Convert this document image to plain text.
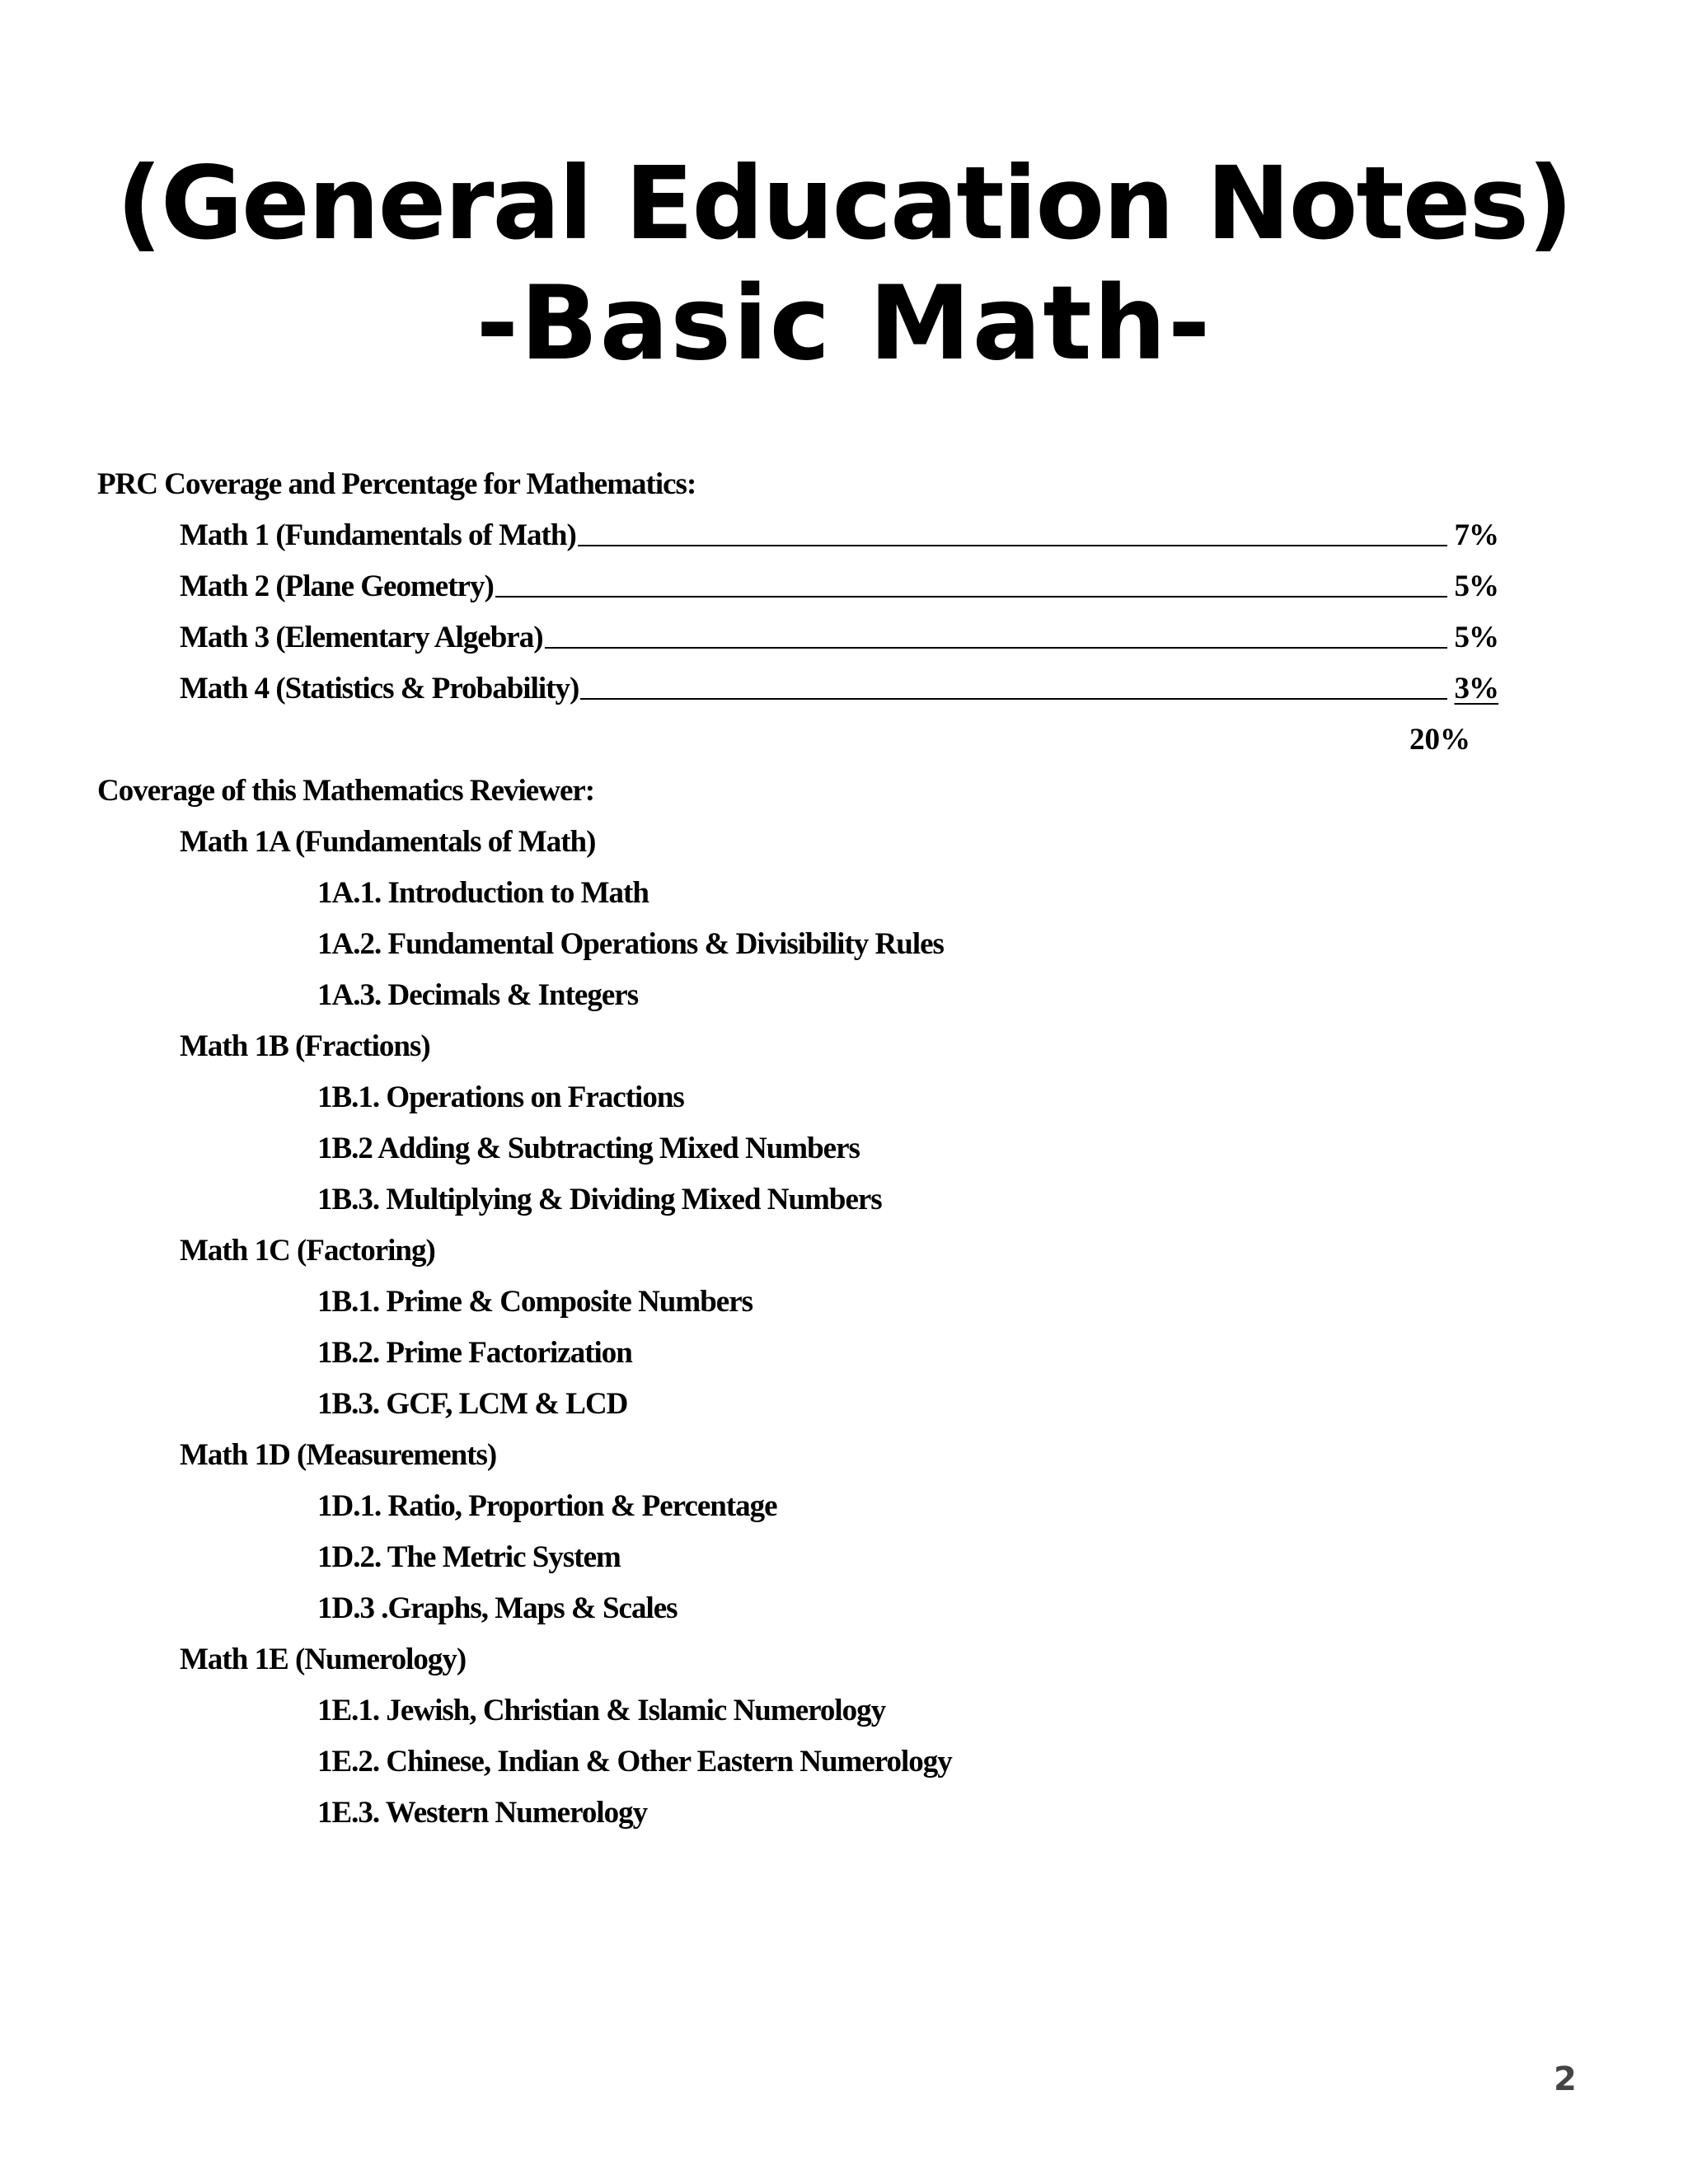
(General Education Notes)
-Basic Math-
PRC Coverage and Percentage for Mathematics:
Math 1 (Fundamentals of Math)	7%
Math 2 (Plane Geometry)	5%
Math 3 (Elementary Algebra)	5%
Math 4 (Statistics & Probability)	3%
20%
Coverage of this Mathematics Reviewer:
Math 1A (Fundamentals of Math)
1A.1. Introduction to Math
1A.2. Fundamental Operations & Divisibility Rules
1A.3. Decimals & Integers
Math 1B (Fractions)
1B.1. Operations on Fractions
1B.2 Adding & Subtracting Mixed Numbers
1B.3. Multiplying & Dividing Mixed Numbers
Math 1C (Factoring)
1B.1. Prime & Composite Numbers
1B.2. Prime Factorization
1B.3. GCF, LCM & LCD
Math 1D (Measurements)
1D.1. Ratio, Proportion & Percentage
1D.2. The Metric System
1D.3 .Graphs, Maps & Scales
Math 1E (Numerology)
1E.1. Jewish, Christian & Islamic Numerology
1E.2. Chinese, Indian & Other Eastern Numerology
1E.3. Western Numerology
2
